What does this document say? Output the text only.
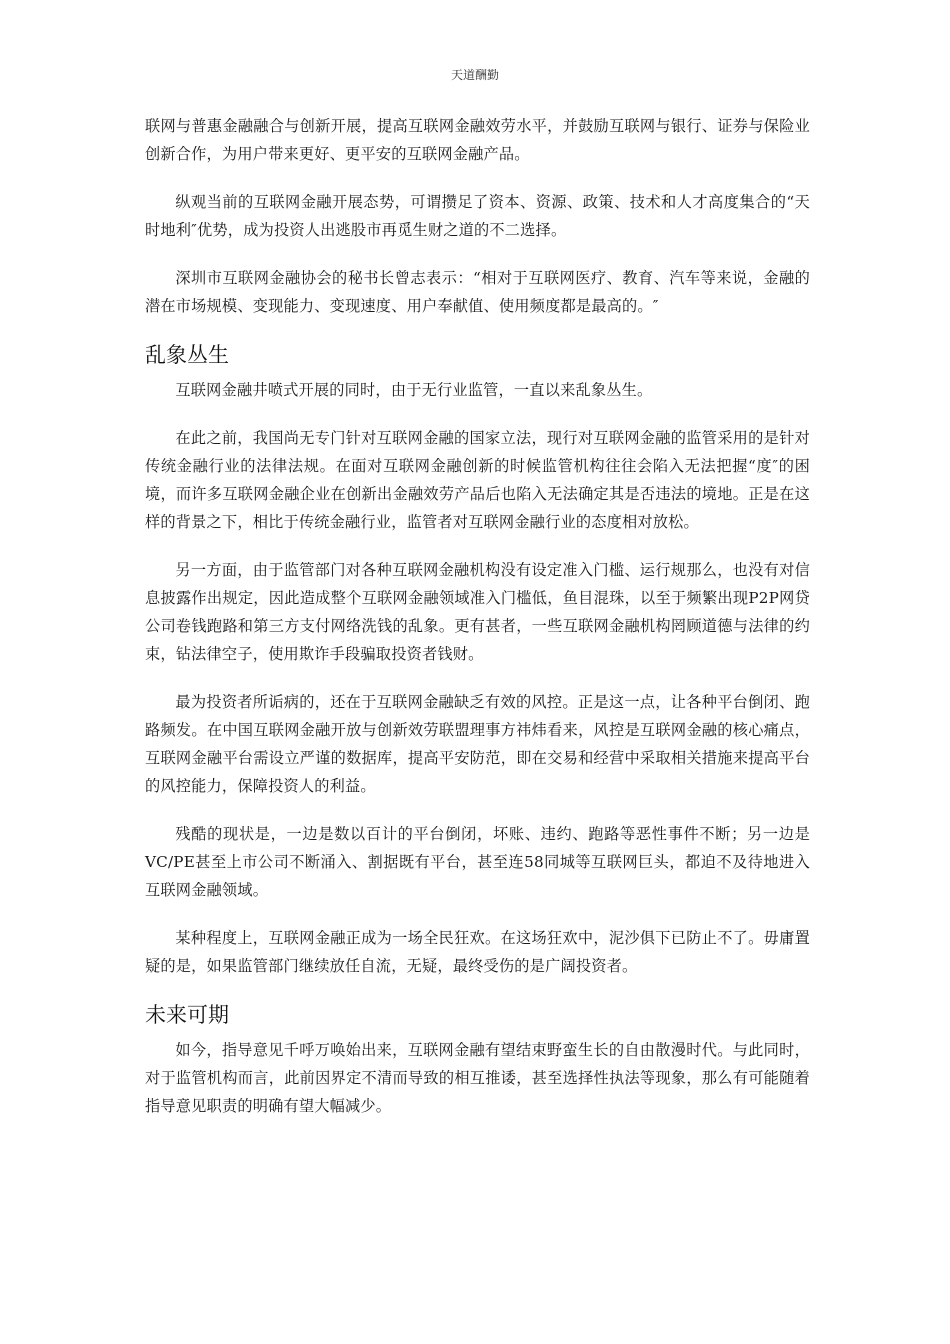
天道酬勤

联网与普惠金融融合与创新开展，提高互联网金融效劳水平，并鼓励互联网与银行、证券与保险业创新合作，为用户带来更好、更平安的互联网金融产品。

纵观当前的互联网金融开展态势，可谓攒足了资本、资源、政策、技术和人才高度集合的“天时地利″优势，成为投资人出逃股市再觅生财之道的不二选择。

深圳市互联网金融协会的秘书长曾志表示：“相对于互联网医疗、教育、汽车等来说，金融的潜在市场规模、变现能力、变现速度、用户奉献值、使用频度都是最高的。″

乱象丛生

互联网金融井喷式开展的同时，由于无行业监管，一直以来乱象丛生。

在此之前，我国尚无专门针对互联网金融的国家立法，现行对互联网金融的监管采用的是针对传统金融行业的法律法规。在面对互联网金融创新的时候监管机构往往会陷入无法把握“度″的困境，而许多互联网金融企业在创新出金融效劳产品后也陷入无法确定其是否违法的境地。正是在这样的背景之下，相比于传统金融行业，监管者对互联网金融行业的态度相对放松。

另一方面，由于监管部门对各种互联网金融机构没有设定准入门槛、运行规那么，也没有对信息披露作出规定，因此造成整个互联网金融领域准入门槛低，鱼目混珠，以至于频繁出现P2P网贷公司卷钱跑路和第三方支付网络洗钱的乱象。更有甚者，一些互联网金融机构罔顾道德与法律的约束，钻法律空子，使用欺诈手段骗取投资者钱财。

最为投资者所诟病的，还在于互联网金融缺乏有效的风控。正是这一点，让各种平台倒闭、跑路频发。在中国互联网金融开放与创新效劳联盟理事方祎炜看来，风控是互联网金融的核心痛点，互联网金融平台需设立严谨的数据库，提高平安防范，即在交易和经营中采取相关措施来提高平台的风控能力，保障投资人的利益。

残酷的现状是，一边是数以百计的平台倒闭，坏账、违约、跑路等恶性事件不断；另一边是VC/PE甚至上市公司不断涌入、割据既有平台，甚至连58同城等互联网巨头，都迫不及待地进入互联网金融领域。

某种程度上，互联网金融正成为一场全民狂欢。在这场狂欢中，泥沙俱下已防止不了。毋庸置疑的是，如果监管部门继续放任自流，无疑，最终受伤的是广阔投资者。

未来可期

如今，指导意见千呼万唤始出来，互联网金融有望结束野蛮生长的自由散漫时代。与此同时，对于监管机构而言，此前因界定不清而导致的相互推诿，甚至选择性执法等现象，那么有可能随着指导意见职责的明确有望大幅减少。
